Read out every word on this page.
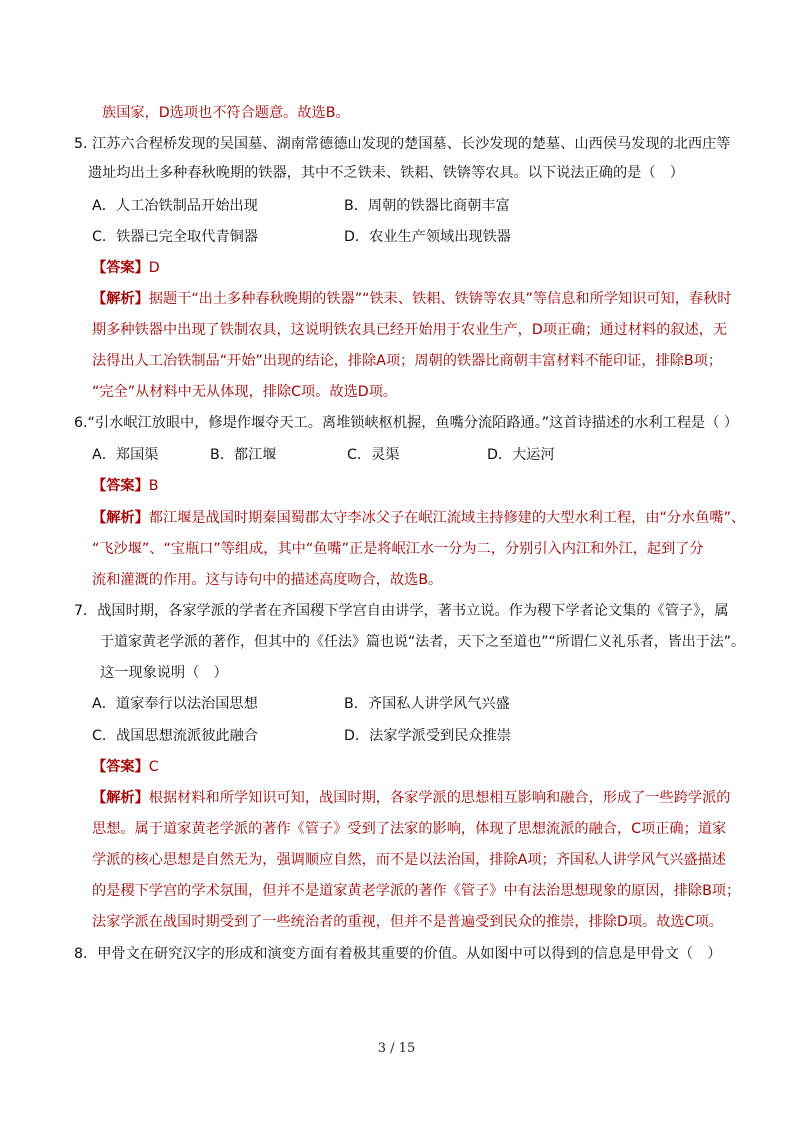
族国家，D选项也不符合题意。故选B。
5. 江苏六合程桥发现的吴国墓、湖南常德德山发现的楚国墓、长沙发现的楚墓、山西侯马发现的北西庄等
遗址均出土多种春秋晚期的铁器，其中不乏铁耒、铁耜、铁锛等农具。以下说法正确的是（　）
A．人工冶铁制品开始出现	B．周朝的铁器比商朝丰富
C．铁器已完全取代青铜器	D．农业生产领域出现铁器
【答案】D
【解析】据题干“出土多种春秋晚期的铁器”“铁耒、铁耜、铁锛等农具”等信息和所学知识可知，春秋时
期多种铁器中出现了铁制农具，这说明铁农具已经开始用于农业生产，D项正确；通过材料的叙述，无
法得出人工冶铁制品“开始”出现的结论，排除A项；周朝的铁器比商朝丰富材料不能印证，排除B项；
“完全”从材料中无从体现，排除C项。故选D项。
6.“引水岷江放眼中，修堤作堰夺天工。离堆锁峡枢机握，鱼嘴分流陌路通。”这首诗描述的水利工程是（ ）
A．郑国渠	B．都江堰	C．灵渠	D．大运河
【答案】B
【解析】都江堰是战国时期秦国蜀郡太守李冰父子在岷江流域主持修建的大型水利工程，由“分水鱼嘴”、
“飞沙堰”、“宝瓶口”等组成，其中“鱼嘴”正是将岷江水一分为二，分别引入内江和外江，起到了分
流和灌溉的作用。这与诗句中的描述高度吻合，故选B。
7．战国时期，各家学派的学者在齐国稷下学宫自由讲学，著书立说。作为稷下学者论文集的《管子》，属
于道家黄老学派的著作，但其中的《任法》篇也说“法者，天下之至道也”“所谓仁义礼乐者，皆出于法”。
这一现象说明（　）
A．道家奉行以法治国思想	B．齐国私人讲学风气兴盛
C．战国思想流派彼此融合	D．法家学派受到民众推崇
【答案】C
【解析】根据材料和所学知识可知，战国时期，各家学派的思想相互影响和融合，形成了一些跨学派的
思想。属于道家黄老学派的著作《管子》受到了法家的影响，体现了思想流派的融合，C项正确；道家
学派的核心思想是自然无为，强调顺应自然，而不是以法治国，排除A项；齐国私人讲学风气兴盛描述
的是稷下学宫的学术氛围，但并不是道家黄老学派的著作《管子》中有法治思想现象的原因，排除B项；
法家学派在战国时期受到了一些统治者的重视，但并不是普遍受到民众的推崇，排除D项。故选C项。
8．甲骨文在研究汉字的形成和演变方面有着极其重要的价值。从如图中可以得到的信息是甲骨文（　）
3 / 15
